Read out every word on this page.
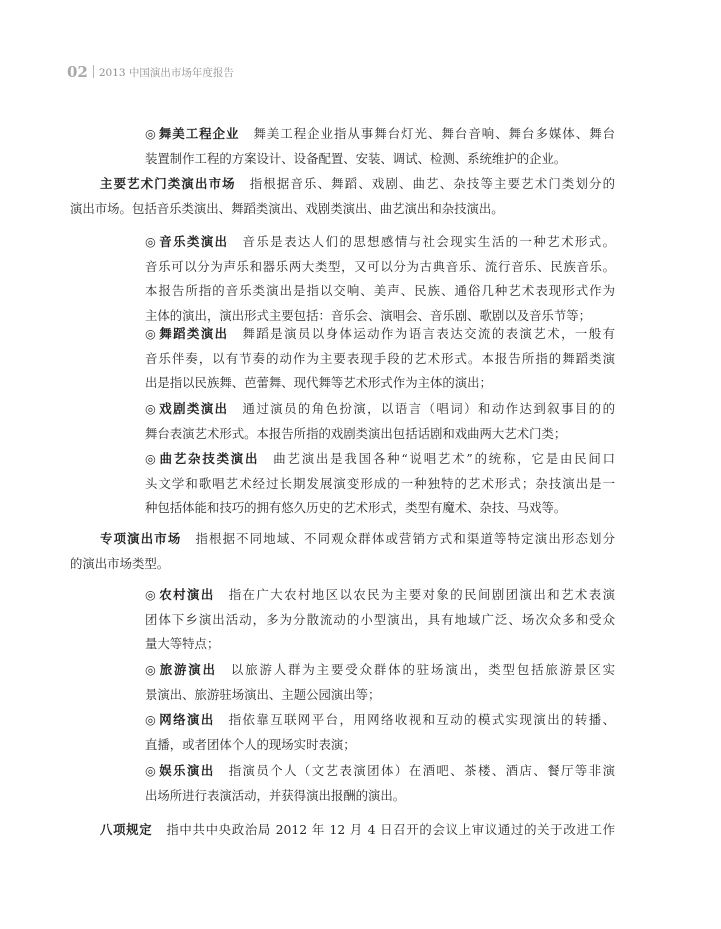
02 2013 中国演出市场年度报告
◎ 舞美工程企业 舞美工程企业指从事舞台灯光、舞台音响、舞台多媒体、舞台
装置制作工程的方案设计、设备配置、安装、调试、检测、系统维护的企业。
主要艺术门类演出市场 指根据音乐、舞蹈、戏剧、曲艺、杂技等主要艺术门类划分的
演出市场。包括音乐类演出、舞蹈类演出、戏剧类演出、曲艺演出和杂技演出。
◎ 音乐类演出 音乐是表达人们的思想感情与社会现实生活的一种艺术形式。
音乐可以分为声乐和器乐两大类型，又可以分为古典音乐、流行音乐、民族音乐。
本报告所指的音乐类演出是指以交响、美声、民族、通俗几种艺术表现形式作为
主体的演出，演出形式主要包括：音乐会、演唱会、音乐剧、歌剧以及音乐节等；
◎ 舞蹈类演出 舞蹈是演员以身体运动作为语言表达交流的表演艺术，一般有
音乐伴奏，以有节奏的动作为主要表现手段的艺术形式。本报告所指的舞蹈类演
出是指以民族舞、芭蕾舞、现代舞等艺术形式作为主体的演出；
◎ 戏剧类演出 通过演员的角色扮演，以语言（唱词）和动作达到叙事目的的
舞台表演艺术形式。本报告所指的戏剧类演出包括话剧和戏曲两大艺术门类；
◎ 曲艺杂技类演出 曲艺演出是我国各种“说唱艺术”的统称，它是由民间口
头文学和歌唱艺术经过长期发展演变形成的一种独特的艺术形式；杂技演出是一
种包括体能和技巧的拥有悠久历史的艺术形式，类型有魔术、杂技、马戏等。
专项演出市场 指根据不同地域、不同观众群体或营销方式和渠道等特定演出形态划分
的演出市场类型。
◎ 农村演出 指在广大农村地区以农民为主要对象的民间剧团演出和艺术表演
团体下乡演出活动，多为分散流动的小型演出，具有地域广泛、场次众多和受众
量大等特点；
◎ 旅游演出 以旅游人群为主要受众群体的驻场演出，类型包括旅游景区实
景演出、旅游驻场演出、主题公园演出等；
◎ 网络演出 指依靠互联网平台，用网络收视和互动的模式实现演出的转播、
直播，或者团体个人的现场实时表演；
◎ 娱乐演出 指演员个人（文艺表演团体）在酒吧、茶楼、酒店、餐厅等非演
出场所进行表演活动，并获得演出报酬的演出。
八项规定 指中共中央政治局 2012 年 12 月 4 日召开的会议上审议通过的关于改进工作
